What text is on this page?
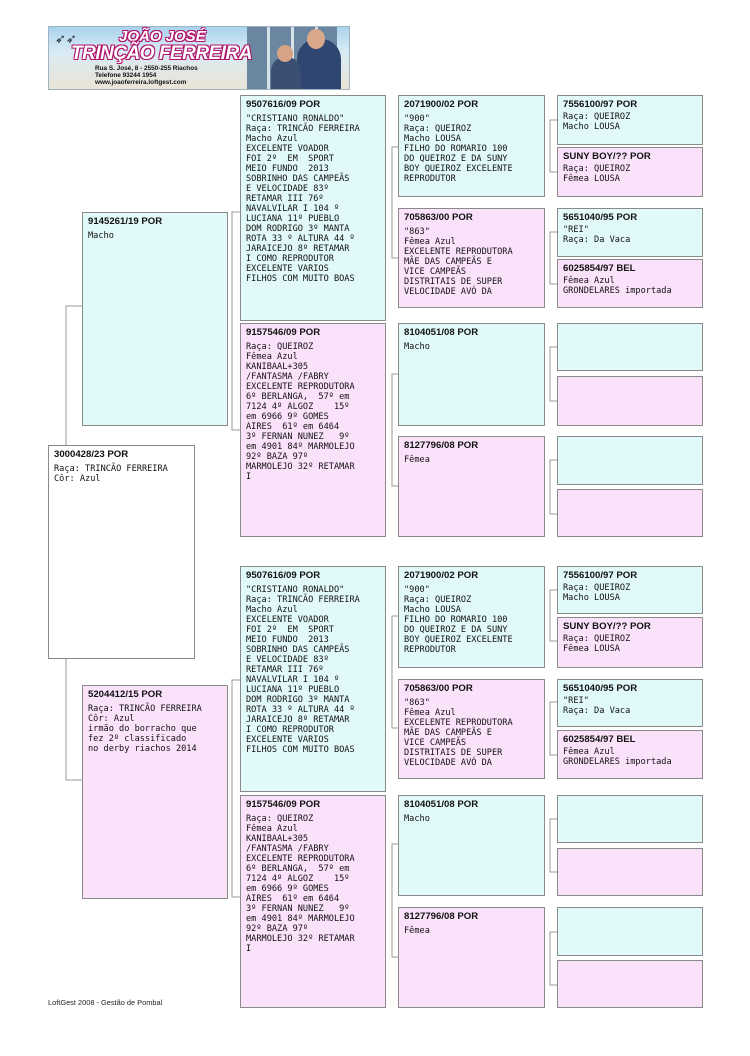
➶➶	JOÃO JOSÉ
TRINÇÃO FERREIRA
Rua S. José, 8 - 2550-255 Riachos
Telefone 93244 1954
www.joaoferreira.loftgest.com
3000428/23 POR
Raça: TRINCÃO FERREIRA
Côr: Azul
9145261/19 POR
Macho
9507616/09 POR
"CRISTIANO RONALDO"
Raça: TRINCÃO FERREIRA
Macho Azul
EXCELENTE VOADOR
FOI 2º  EM  SPORT
MEIO FUNDO  2013
SOBRINHO DAS CAMPEÃS
E VELOCIDADE 83º
RETAMAR III 76º
NAVALVILAR I 104 º
LUCIANA 11º PUEBLO
DOM RODRIGO 3º MANTA
ROTA 33 º ALTURA 44 º
JARAICEJO 8º RETAMAR
I COMO REPRODUTOR
EXCELENTE VARIOS
FILHOS COM MUITO BOAS
9157546/09 POR
Raça: QUEIROZ
Fêmea Azul
KANIBAAL+305
/FANTASMA /FABRY
EXCELENTE REPRODUTORA
6º BERLANGA,  57º em
7124 4º ALGOZ    15º
em 6966 9º GOMES
AIRES  61º em 6464
3º FERNAN NUNEZ   9º
em 4901 84º MARMOLEJO
92º BAZA 97º
MARMOLEJO 32º RETAMAR
I
2071900/02 POR
"900"
Raça: QUEIROZ
Macho LOUSA
FILHO DO ROMARIO 100
DO QUEIROZ E DA SUNY
BOY QUEIROZ EXCELENTE
REPRODUTOR
705863/00 POR
"863"
Fêmea Azul
EXCELENTE REPRODUTORA
MÃE DAS CAMPEÃS E
VICE CAMPEÃS
DISTRITAIS DE SUPER
VELOCIDADE AVÓ DA
8104051/08 POR
Macho
8127796/08 POR
Fêmea
7556100/97 POR
Raça: QUEIROZ
Macho LOUSA
SUNY BOY/?? POR
Raça: QUEIROZ
Fêmea LOUSA
5651040/95 POR
"REI"
Raça: Da Vaca
6025854/97 BEL
Fêmea Azul
GRONDELARES importada
5204412/15 POR
Raça: TRINCÃO FERREIRA
Côr: Azul
irmão do borracho que
fez 2º classificado
no derby riachos 2014
9507616/09 POR
"CRISTIANO RONALDO"
Raça: TRINCÃO FERREIRA
Macho Azul
EXCELENTE VOADOR
FOI 2º  EM  SPORT
MEIO FUNDO  2013
SOBRINHO DAS CAMPEÃS
E VELOCIDADE 83º
RETAMAR III 76º
NAVALVILAR I 104 º
LUCIANA 11º PUEBLO
DOM RODRIGO 3º MANTA
ROTA 33 º ALTURA 44 º
JARAICEJO 8º RETAMAR
I COMO REPRODUTOR
EXCELENTE VARIOS
FILHOS COM MUITO BOAS
9157546/09 POR
Raça: QUEIROZ
Fêmea Azul
KANIBAAL+305
/FANTASMA /FABRY
EXCELENTE REPRODUTORA
6º BERLANGA,  57º em
7124 4º ALGOZ    15º
em 6966 9º GOMES
AIRES  61º em 6464
3º FERNAN NUNEZ   9º
em 4901 84º MARMOLEJO
92º BAZA 97º
MARMOLEJO 32º RETAMAR
I
2071900/02 POR
"900"
Raça: QUEIROZ
Macho LOUSA
FILHO DO ROMARIO 100
DO QUEIROZ E DA SUNY
BOY QUEIROZ EXCELENTE
REPRODUTOR
705863/00 POR
"863"
Fêmea Azul
EXCELENTE REPRODUTORA
MÃE DAS CAMPEÃS E
VICE CAMPEÃS
DISTRITAIS DE SUPER
VELOCIDADE AVÓ DA
8104051/08 POR
Macho
8127796/08 POR
Fêmea
7556100/97 POR
Raça: QUEIROZ
Macho LOUSA
SUNY BOY/?? POR
Raça: QUEIROZ
Fêmea LOUSA
5651040/95 POR
"REI"
Raça: Da Vaca
6025854/97 BEL
Fêmea Azul
GRONDELARES importada
LoftGest 2008 - Gestão de Pombal
